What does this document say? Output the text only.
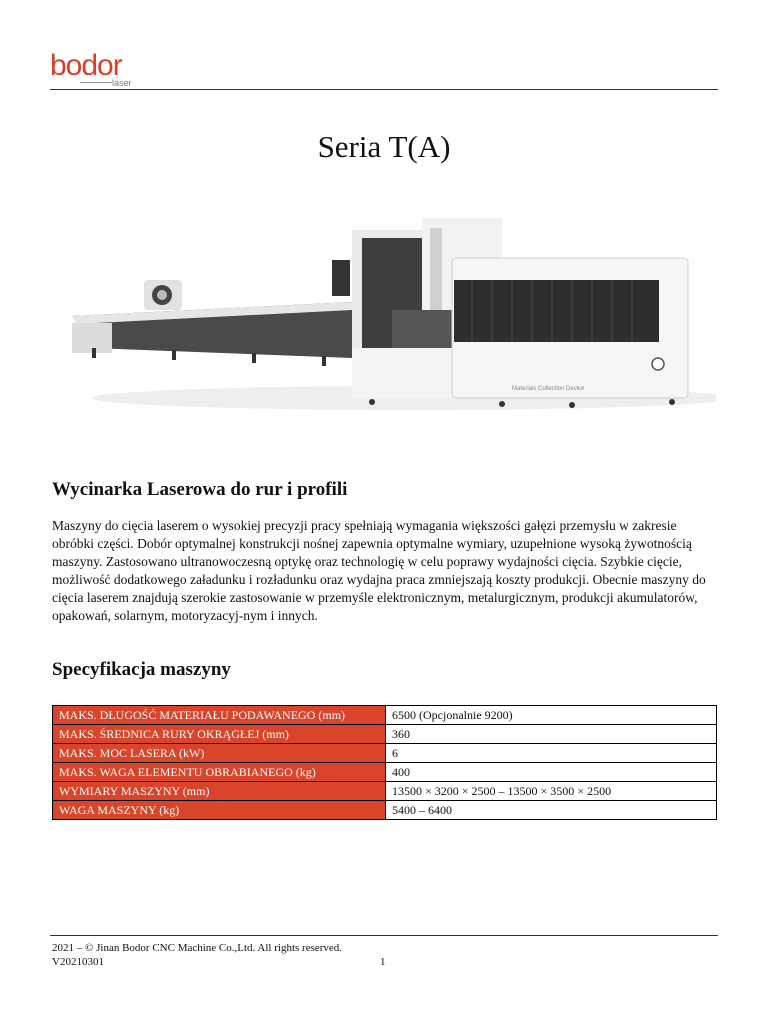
bodor
laser
Seria T(A)
Materials Collection Device
Wycinarka Laserowa do rur i profili
Maszyny do cięcia laserem o wysokiej precyzji pracy spełniają wymagania większości gałęzi przemysłu w zakresie obróbki części. Dobór optymalnej konstrukcji nośnej zapewnia optymalne wymiary, uzupełnione wysoką żywotnością maszyny. Zastosowano ultranowoczesną optykę oraz technologię w celu poprawy wydajności cięcia. Szybkie cięcie, możliwość dodatkowego załadunku i rozładunku oraz wydajna praca zmniejszają koszty produkcji. Obecnie maszyny do cięcia laserem znajdują szerokie zastosowanie w przemyśle elektronicznym, metalurgicznym, produkcji akumulatorów, opakowań, solarnym, motoryzacyj-nym i innych.
Specyfikacja maszyny
MAKS. DŁUGOŚĆ MATERIAŁU PODAWANEGO (mm)	6500 (Opcjonalnie 9200)
MAKS. ŚREDNICA RURY OKRĄGŁEJ (mm)	360
MAKS. MOC LASERA (kW)	6
MAKS. WAGA ELEMENTU OBRABIANEGO (kg)	400
WYMIARY MASZYNY (mm)	13500 × 3200 × 2500 – 13500 × 3500 × 2500
WAGA MASZYNY (kg)	5400 – 6400
2021 – © Jinan Bodor CNC Machine Co.,Ltd. All rights reserved.
V20210301	1
